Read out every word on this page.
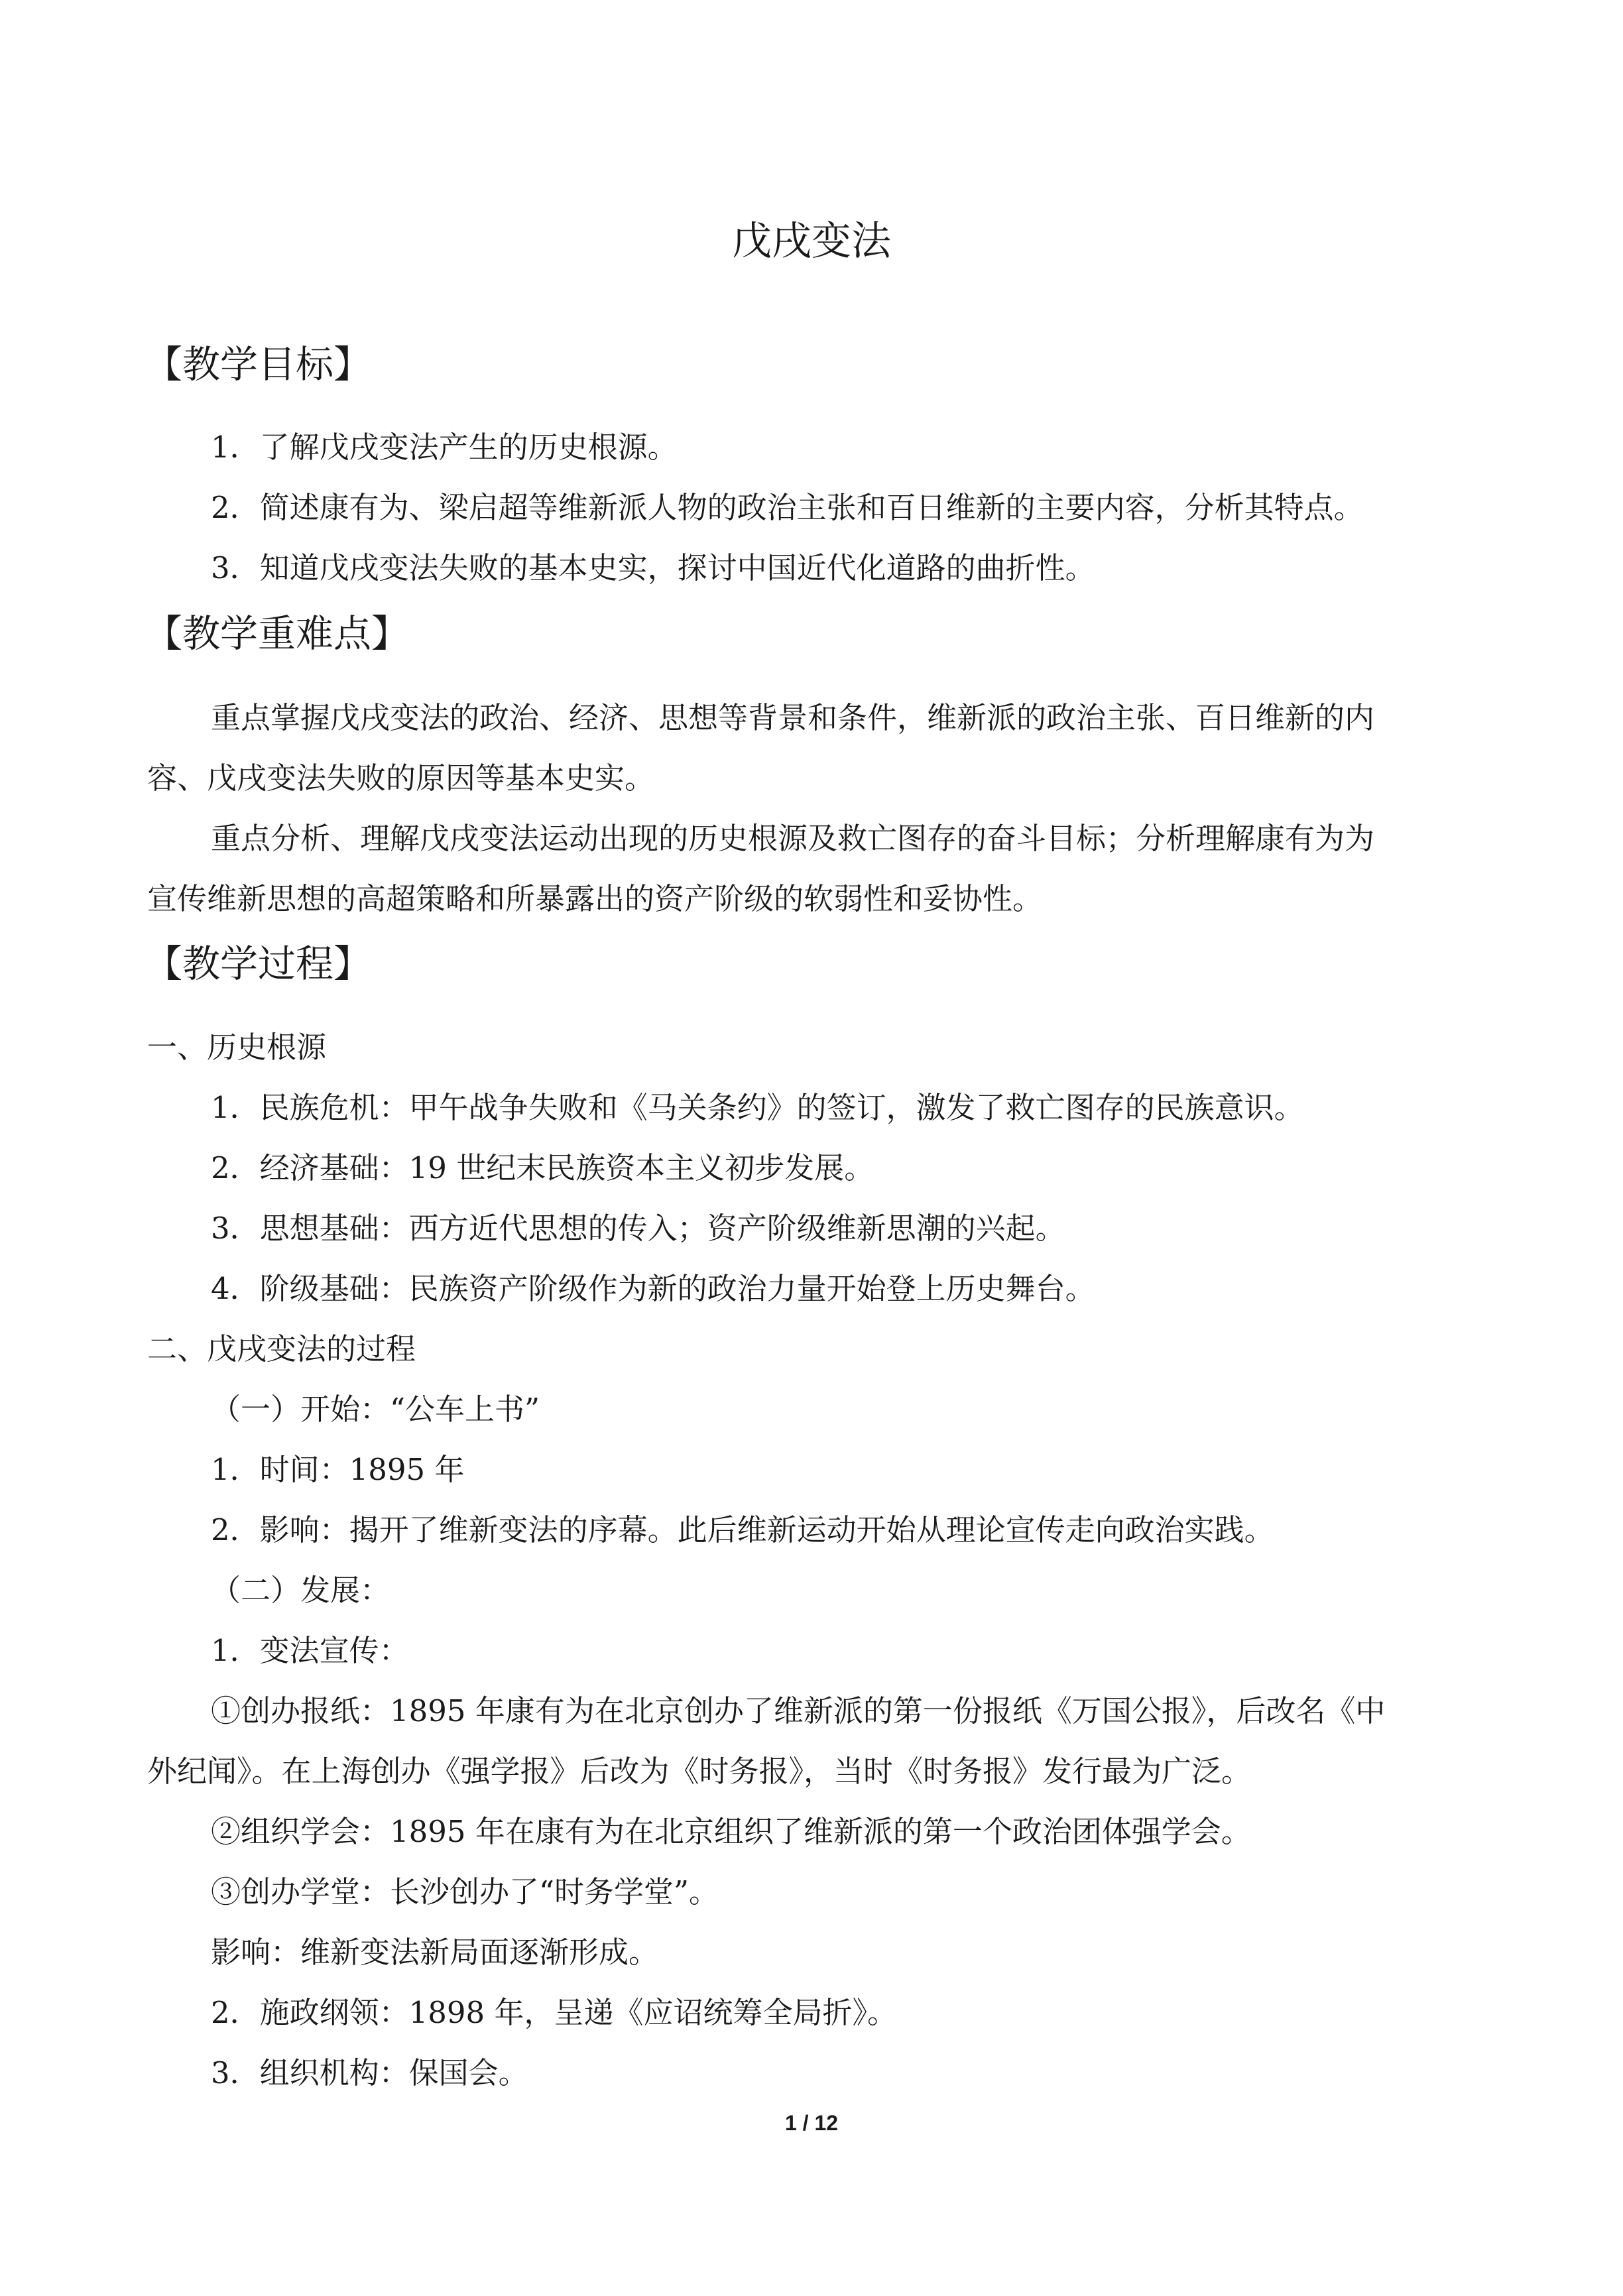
戊戌变法
【教学目标】
1．了解戊戌变法产生的历史根源。
2．简述康有为、梁启超等维新派人物的政治主张和百日维新的主要内容，分析其特点。
3．知道戊戌变法失败的基本史实，探讨中国近代化道路的曲折性。
【教学重难点】
重点掌握戊戌变法的政治、经济、思想等背景和条件，维新派的政治主张、百日维新的内
容、戊戌变法失败的原因等基本史实。
重点分析、理解戊戌变法运动出现的历史根源及救亡图存的奋斗目标；分析理解康有为为
宣传维新思想的高超策略和所暴露出的资产阶级的软弱性和妥协性。
【教学过程】
一、历史根源
1．民族危机：甲午战争失败和《马关条约》的签订，激发了救亡图存的民族意识。
2．经济基础：19 世纪末民族资本主义初步发展。
3．思想基础：西方近代思想的传入；资产阶级维新思潮的兴起。
4．阶级基础：民族资产阶级作为新的政治力量开始登上历史舞台。
二、戊戌变法的过程
（一）开始：“公车上书”
1．时间：1895 年
2．影响：揭开了维新变法的序幕。此后维新运动开始从理论宣传走向政治实践。
（二）发展：
1．变法宣传：
①创办报纸：1895 年康有为在北京创办了维新派的第一份报纸《万国公报》，后改名《中
外纪闻》。在上海创办《强学报》后改为《时务报》，当时《时务报》发行最为广泛。
②组织学会：1895 年在康有为在北京组织了维新派的第一个政治团体强学会。
③创办学堂：长沙创办了“时务学堂”。
影响：维新变法新局面逐渐形成。
2．施政纲领：1898 年，呈递《应诏统筹全局折》。
3．组织机构：保国会。
1 / 12
